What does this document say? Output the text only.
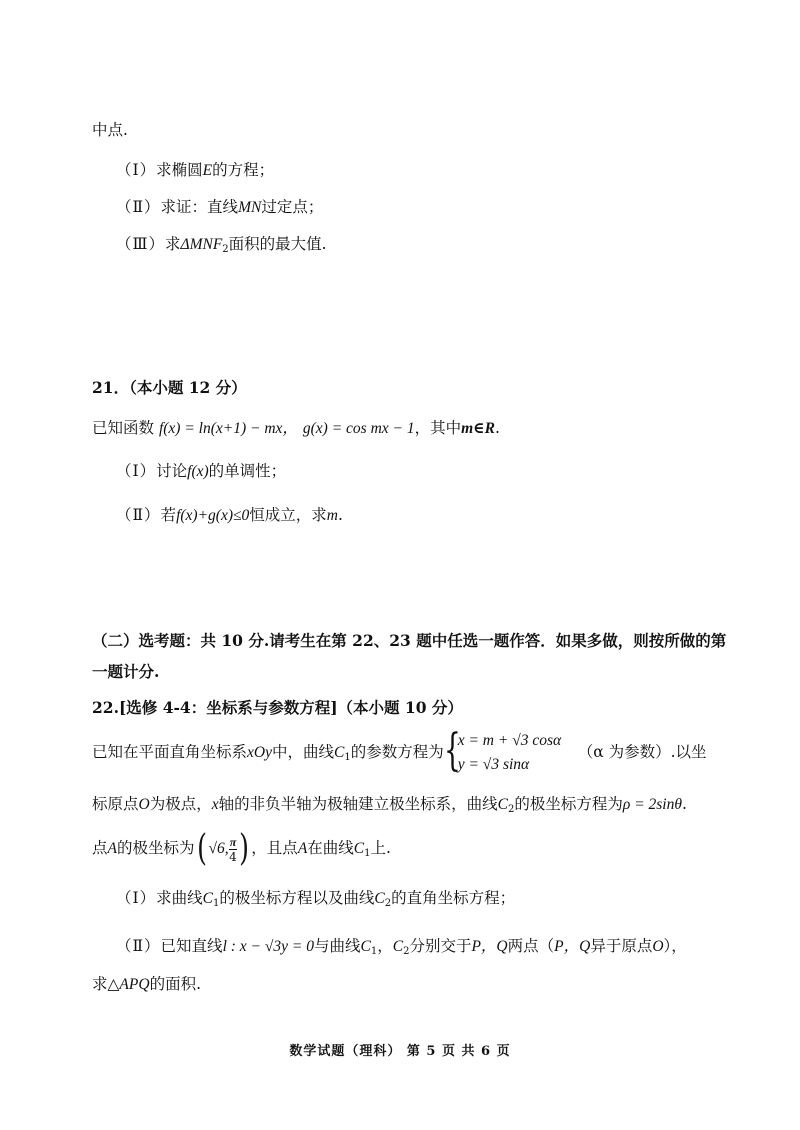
中点.
（Ⅰ）求椭圆E的方程；
（Ⅱ）求证：直线MN过定点；
（Ⅲ）求$\Delta MNF_2$面积的最大值.
21．（本小题 12 分）
已知函数 f(x) = ln(x+1) − mx， g(x) = cos mx − 1，其中m∈R.
（Ⅰ）讨论f(x)的单调性；
（Ⅱ）若f(x)+g(x)≤0恒成立，求m.
（二）选考题：共 10 分.请考生在第 22、23 题中任选一题作答．如果多做，则按所做的第
一题计分.
22.[选修 4-4：坐标系与参数方程]（本小题 10 分）
已知在平面直角坐标系xOy中，曲线$C_1$的参数方程为 {
x = m + √3 cosα
y = √3 sinα
（α 为参数）.以坐
标原点O为极点，x轴的非负半轴为极轴建立极坐标系，曲线$C_2$的极坐标方程为ρ = 2sinθ.
点A的极坐标为( √6, $\frac{\pi}{4}$ ) ，且点A在曲线$C_1$上.
（Ⅰ）求曲线$C_1$的极坐标方程以及曲线$C_2$的直角坐标方程；
（Ⅱ）已知直线l : x − √3y = 0与曲线$C_1$，$C_2$分别交于P，Q两点（P，Q异于原点O），
求△APQ的面积.
数学试题（理科） 第 5 页 共 6 页
